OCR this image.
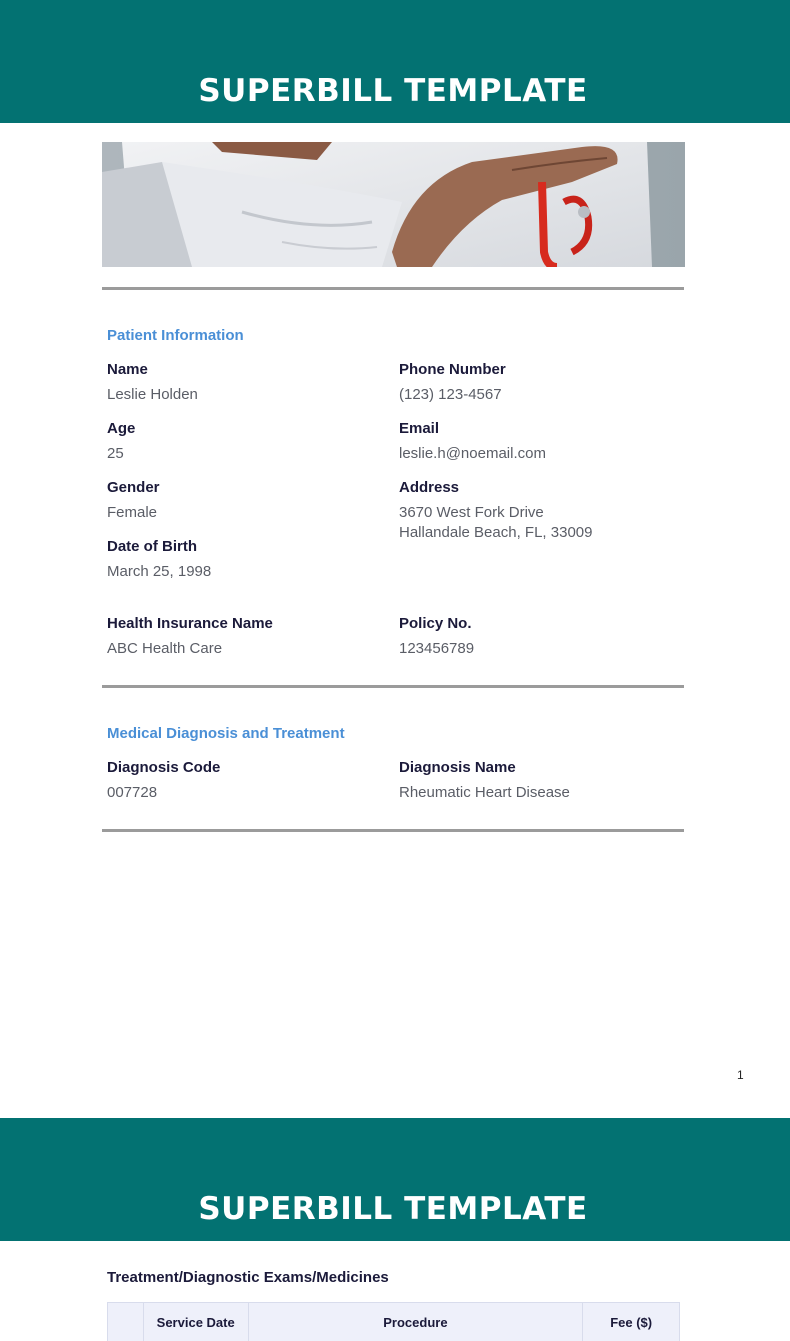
SUPERBILL TEMPLATE
Patient Information
Name
Leslie Holden
Phone Number
(123) 123-4567
Age
25
Email
leslie.h@noemail.com
Gender
Female
Address
3670 West Fork Drive
Hallandale Beach, FL, 33009
Date of Birth
March 25, 1998
Health Insurance Name
ABC Health Care
Policy No.
123456789
Medical Diagnosis and Treatment
Diagnosis Code
007728
Diagnosis Name
Rheumatic Heart Disease
1
SUPERBILL TEMPLATE
Treatment/Diagnostic Exams/Medicines
Service Date	Procedure	Fee ($)
